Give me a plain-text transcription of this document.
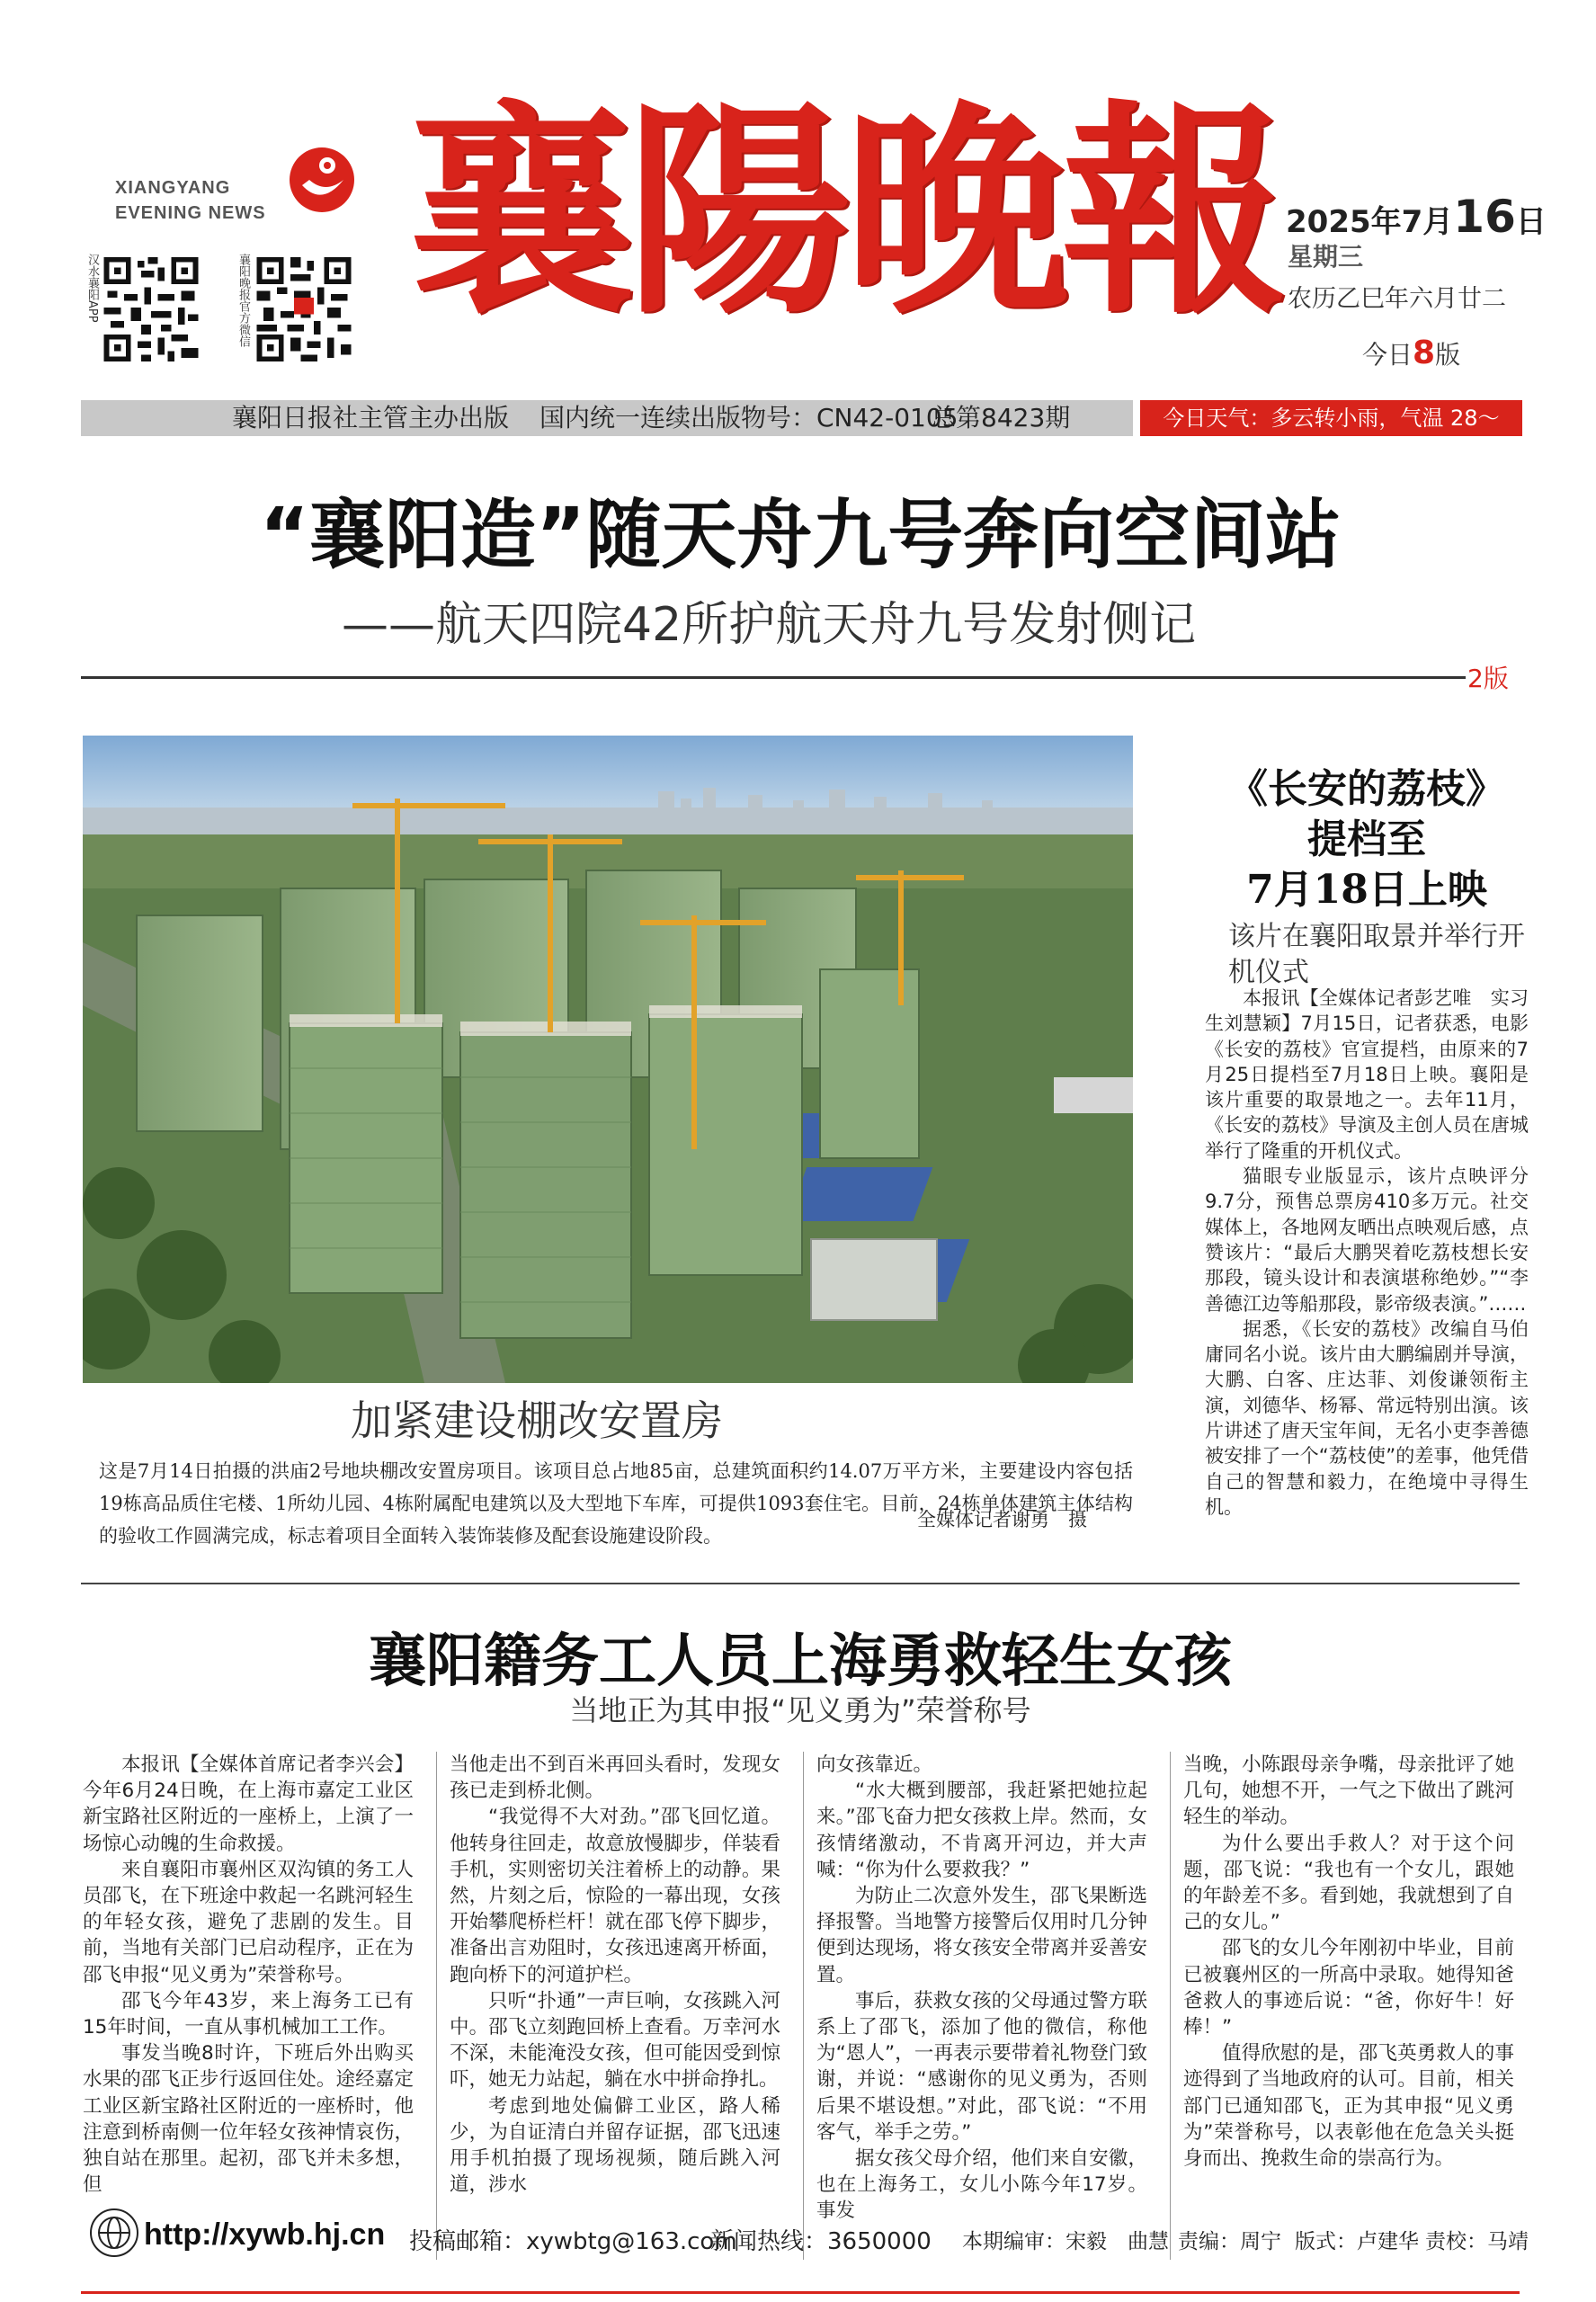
XIANGYANG
EVENING NEWS
汉水襄阳APP	襄阳晚报官方微信 襄陽晚報 2025年7月16日
星期三
农历乙巳年六月廿二
今日8版
襄阳日报社主管主办出版 国内统一连续出版物号：CN42-0105
总第8423期	今日天气：多云转小雨，气温 28～39℃
“襄阳造”随天舟九号奔向空间站
——航天四院42所护航天舟九号发射侧记
2版
加紧建设棚改安置房
这是7月14日拍摄的洪庙2号地块棚改安置房项目。该项目总占地85亩，总建筑面积约14.07万平方米，主要建设内容包括19栋高品质住宅楼、1所幼儿园、4栋附属配电建筑以及大型地下车库，可提供1093套住宅。目前，24栋单体建筑主体结构的验收工作圆满完成，标志着项目全面转入装饰装修及配套设施建设阶段。
全媒体记者谢勇　摄
《长安的荔枝》
提档至
7月18日上映
该片在襄阳取景并举行开机仪式

本报讯【全媒体记者彭艺唯　实习生刘慧颖】7月15日，记者获悉，电影《长安的荔枝》官宣提档，由原来的7月25日提档至7月18日上映。襄阳是该片重要的取景地之一。去年11月，《长安的荔枝》导演及主创人员在唐城举行了隆重的开机仪式。

猫眼专业版显示，该片点映评分9.7分，预售总票房410多万元。社交媒体上，各地网友晒出点映观后感，点赞该片：“最后大鹏哭着吃荔枝想长安那段，镜头设计和表演堪称绝妙。”“李善德江边等船那段，影帝级表演。”……

据悉，《长安的荔枝》改编自马伯庸同名小说。该片由大鹏编剧并导演，大鹏、白客、庄达菲、刘俊谦领衔主演，刘德华、杨幂、常远特别出演。该片讲述了唐天宝年间，无名小吏李善德被安排了一个“荔枝使”的差事，他凭借自己的智慧和毅力，在绝境中寻得生机。

襄阳籍务工人员上海勇救轻生女孩
当地正为其申报“见义勇为”荣誉称号

本报讯【全媒体首席记者李兴会】今年6月24日晚，在上海市嘉定工业区新宝路社区附近的一座桥上，上演了一场惊心动魄的生命救援。

来自襄阳市襄州区双沟镇的务工人员邵飞，在下班途中救起一名跳河轻生的年轻女孩，避免了悲剧的发生。目前，当地有关部门已启动程序，正在为邵飞申报“见义勇为”荣誉称号。

邵飞今年43岁，来上海务工已有15年时间，一直从事机械加工工作。

事发当晚8时许，下班后外出购买水果的邵飞正步行返回住处。途经嘉定工业区新宝路社区附近的一座桥时，他注意到桥南侧一位年轻女孩神情哀伤，独自站在那里。起初，邵飞并未多想，但

当他走出不到百米再回头看时，发现女孩已走到桥北侧。

“我觉得不大对劲。”邵飞回忆道。他转身往回走，故意放慢脚步，佯装看手机，实则密切关注着桥上的动静。果然，片刻之后，惊险的一幕出现，女孩开始攀爬桥栏杆！就在邵飞停下脚步，准备出言劝阻时，女孩迅速离开桥面，跑向桥下的河道护栏。

只听“扑通”一声巨响，女孩跳入河中。邵飞立刻跑回桥上查看。万幸河水不深，未能淹没女孩，但可能因受到惊吓，她无力站起，躺在水中拼命挣扎。

考虑到地处偏僻工业区，路人稀少，为自证清白并留存证据，邵飞迅速用手机拍摄了现场视频，随后跳入河道，涉水

向女孩靠近。

“水大概到腰部，我赶紧把她拉起来。”邵飞奋力把女孩救上岸。然而，女孩情绪激动，不肯离开河边，并大声喊：“你为什么要救我？”

为防止二次意外发生，邵飞果断选择报警。当地警方接警后仅用时几分钟便到达现场，将女孩安全带离并妥善安置。

事后，获救女孩的父母通过警方联系上了邵飞，添加了他的微信，称他为“恩人”，一再表示要带着礼物登门致谢，并说：“感谢你的见义勇为，否则后果不堪设想。”对此，邵飞说：“不用客气，举手之劳。”

据女孩父母介绍，他们来自安徽，也在上海务工，女儿小陈今年17岁。事发

当晚，小陈跟母亲争嘴，母亲批评了她几句，她想不开，一气之下做出了跳河轻生的举动。

为什么要出手救人？对于这个问题，邵飞说：“我也有一个女儿，跟她的年龄差不多。看到她，我就想到了自己的女儿。”

邵飞的女儿今年刚初中毕业，目前已被襄州区的一所高中录取。她得知爸爸救人的事迹后说：“爸，你好牛！好棒！”

值得欣慰的是，邵飞英勇救人的事迹得到了当地政府的认可。目前，相关部门已通知邵飞，正为其申报“见义勇为”荣誉称号，以表彰他在危急关头挺身而出、挽救生命的崇高行为。

http://xywb.hj.cn 投稿邮箱：xywbtg@163.com
新闻热线：3650000 本期编审：宋毅　曲慧 责编：周宁 版式：卢建华 责校：马靖
